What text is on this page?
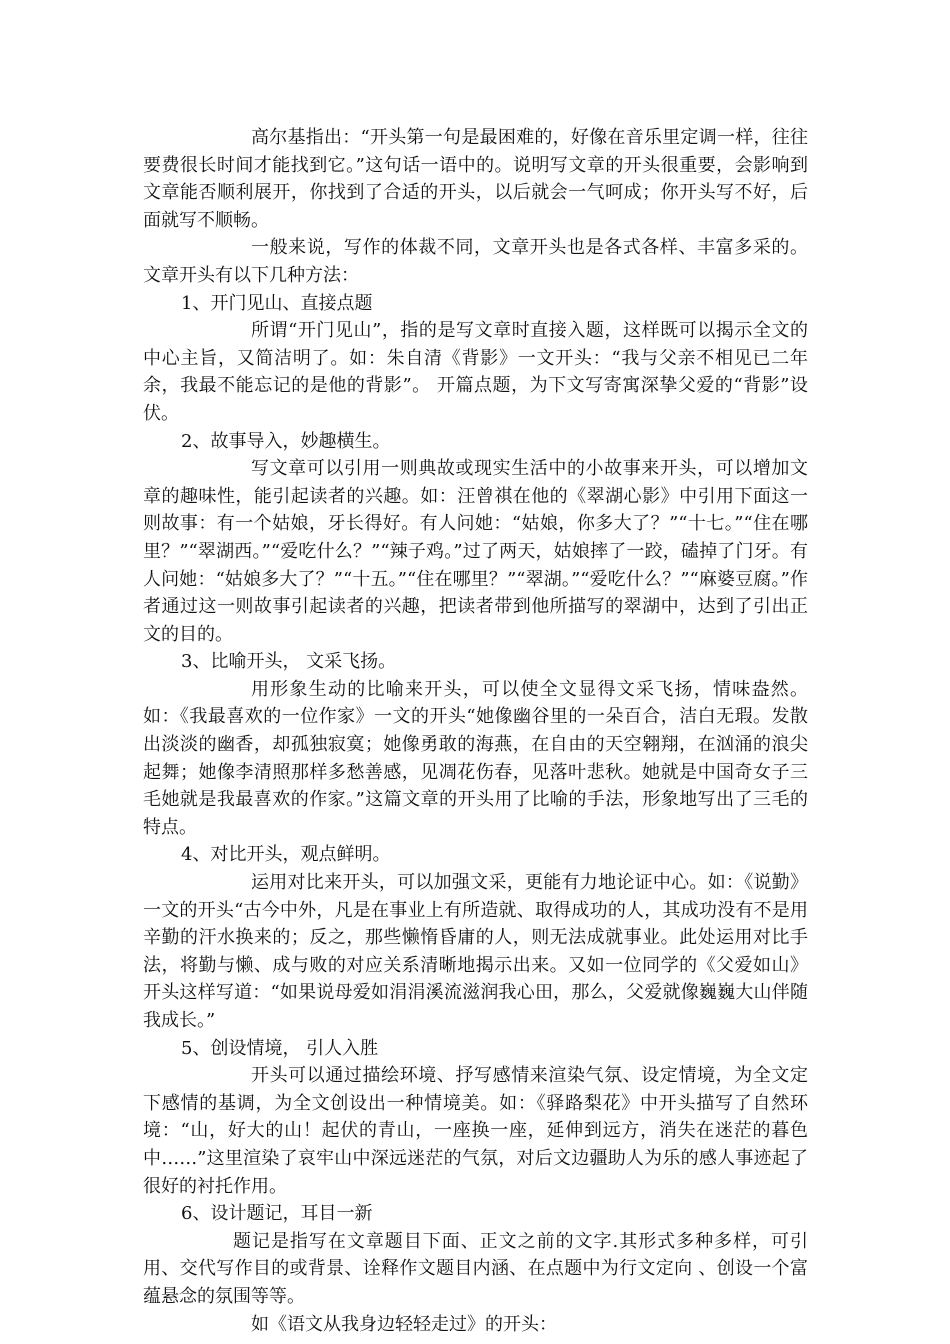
高尔基指出：“开头第一句是最困难的，好像在音乐里定调一样，往往要费很长时间才能找到它。”这句话一语中的。说明写文章的开头很重要，会影响到文章能否顺利展开，你找到了合适的开头，以后就会一气呵成；你开头写不好，后面就写不顺畅。

一般来说，写作的体裁不同，文章开头也是各式各样、丰富多采的。文章开头有以下几种方法：

1、开门见山、直接点题

所谓“开门见山”，指的是写文章时直接入题，这样既可以揭示全文的中心主旨，又简洁明了。如：朱自清《背影》一文开头：“我与父亲不相见已二年余，我最不能忘记的是他的背影”。 开篇点题，为下文写寄寓深挚父爱的“背影”设伏。

2、故事导入，妙趣横生。

写文章可以引用一则典故或现实生活中的小故事来开头，可以增加文章的趣味性，能引起读者的兴趣。如：汪曾祺在他的《翠湖心影》中引用下面这一则故事：有一个姑娘，牙长得好。有人问她：“姑娘，你多大了？”“十七。”“住在哪里？”“翠湖西。”“爱吃什么？”“辣子鸡。”过了两天，姑娘摔了一跤，磕掉了门牙。有人问她：“姑娘多大了？”“十五。”“住在哪里？”“翠湖。”“爱吃什么？”“麻婆豆腐。”作者通过这一则故事引起读者的兴趣，把读者带到他所描写的翠湖中，达到了引出正文的目的。

3、比喻开头， 文采飞扬。

用形象生动的比喻来开头，可以使全文显得文采飞扬，情味盎然。如：《我最喜欢的一位作家》一文的开头“她像幽谷里的一朵百合，洁白无瑕。发散出淡淡的幽香，却孤独寂寞；她像勇敢的海燕，在自由的天空翱翔，在汹涌的浪尖起舞；她像李清照那样多愁善感，见凋花伤春，见落叶悲秋。她就是中国奇女子三毛她就是我最喜欢的作家。”这篇文章的开头用了比喻的手法，形象地写出了三毛的特点。

4、对比开头，观点鲜明。

运用对比来开头，可以加强文采，更能有力地论证中心。如：《说勤》一文的开头“古今中外，凡是在事业上有所造就、取得成功的人，其成功没有不是用辛勤的汗水换来的；反之，那些懒惰昏庸的人，则无法成就事业。此处运用对比手法，将勤与懒、成与败的对应关系清晰地揭示出来。又如一位同学的《父爱如山》开头这样写道：“如果说母爱如涓涓溪流滋润我心田，那么，父爱就像巍巍大山伴随我成长。”

5、创设情境， 引人入胜

开头可以通过描绘环境、抒写感情来渲染气氛、设定情境，为全文定下感情的基调，为全文创设出一种情境美。如：《驿路梨花》中开头描写了自然环境：“山，好大的山！起伏的青山，一座换一座，延伸到远方，消失在迷茫的暮色中……”这里渲染了哀牢山中深远迷茫的气氛，对后文边疆助人为乐的感人事迹起了很好的衬托作用。

6、设计题记，耳目一新

题记是指写在文章题目下面、正文之前的文字.其形式多种多样，可引用、交代写作目的或背景、诠释作文题目内涵、在点题中为行文定向 、创设一个富蕴悬念的氛围等等。

如《语文从我身边轻轻走过》的开头：
